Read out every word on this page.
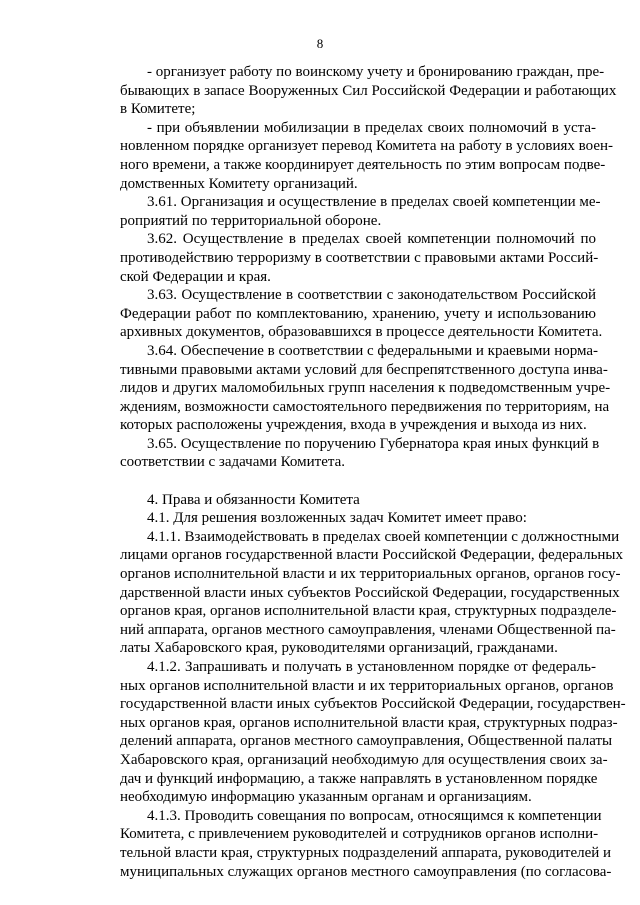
8
- организует работу по воинскому учету и бронированию граждан, пре-
бывающих в запасе Вооруженных Сил Российской Федерации и работающих
в Комитете;
- при объявлении мобилизации в пределах своих полномочий в уста-
новленном порядке организует перевод Комитета на работу в условиях воен-
ного времени, а также координирует деятельность по этим вопросам подве-
домственных Комитету организаций.
3.61. Организация и осуществление в пределах своей компетенции ме-
роприятий по территориальной обороне.
3.62. Осуществление в пределах своей компетенции полномочий по
противодействию терроризму в соответствии с правовыми актами Россий-
ской Федерации и края.
3.63. Осуществление в соответствии с законодательством Российской
Федерации работ по комплектованию, хранению, учету и использованию
архивных документов, образовавшихся в процессе деятельности Комитета.
3.64. Обеспечение в соответствии с федеральными и краевыми норма-
тивными правовыми актами условий для беспрепятственного доступа инва-
лидов и других маломобильных групп населения к подведомственным учре-
ждениям, возможности самостоятельного передвижения по территориям, на
которых расположены учреждения, входа в учреждения и выхода из них.
3.65. Осуществление по поручению Губернатора края иных функций в
соответствии с задачами Комитета.
4. Права и обязанности Комитета
4.1. Для решения возложенных задач Комитет имеет право:
4.1.1. Взаимодействовать в пределах своей компетенции с должностными
лицами органов государственной власти Российской Федерации, федеральных
органов исполнительной власти и их территориальных органов, органов госу-
дарственной власти иных субъектов Российской Федерации, государственных
органов края, органов исполнительной власти края, структурных подразделе-
ний аппарата, органов местного самоуправления, членами Общественной па-
латы Хабаровского края, руководителями организаций, гражданами.
4.1.2. Запрашивать и получать в установленном порядке от федераль-
ных органов исполнительной власти и их территориальных органов, органов
государственной власти иных субъектов Российской Федерации, государствен-
ных органов края, органов исполнительной власти края, структурных подраз-
делений аппарата, органов местного самоуправления, Общественной палаты
Хабаровского края, организаций необходимую для осуществления своих за-
дач и функций информацию, а также направлять в установленном порядке
необходимую информацию указанным органам и организациям.
4.1.3. Проводить совещания по вопросам, относящимся к компетенции
Комитета, с привлечением руководителей и сотрудников органов исполни-
тельной власти края, структурных подразделений аппарата, руководителей и
муниципальных служащих органов местного самоуправления (по согласова-
